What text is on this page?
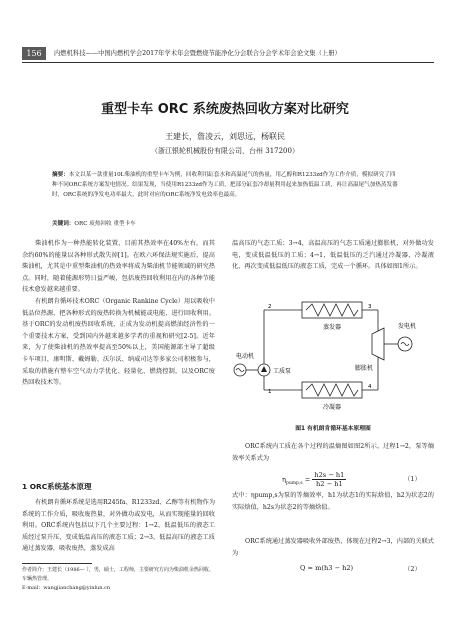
156	内燃机科技——中国内燃机学会2017年学术年会暨燃烧节能净化分会联合分会学术年会论文集（上册）
重型卡车 ORC 系统废热回收方案对比研究
王建长，詹凌云，刘思远，杨联民
（浙江银轮机械股份有限公司，台州 317200）
摘要：本文以某一款重量10L柴油机的重型卡车为例，回收利用缸套水和高温尾气的热量，用乙醇和R1233zd作为工作介质，模拟研究了四种不同ORC系统方案发电情况。结果发现，当使用R1233zd作为工质，把部分缸套冷却量利用起来加热低温工质，再让高温尾气加热蒸发器时，ORC系统的净发电功率最大，此时对应的ORC系统净发电效率也最高。
关键词：ORC 废热回收 重型卡车

柴油机作为一种热能转化装置，目前其热效率在40%左右，而其余约60%的能量以各种形式散失掉[1]。在欧六环保法规实施后，提高柴油机，尤其是中重型柴油机的热效率将成为柴油机节能领域的研究热点。同时，随着能源形势日益严峻，包括废热回收利用在内的各种节能技术愈发越来越重要。

有机朗肯循环技术ORC（Organic Rankine Cycle）用以吸收中低品位热源，把各种形式的废热转换为机械能或电能，进行回收利用。基于ORC的发动机废热回收系统，正成为发动机提高燃油经济性的一个重要技术方案，受到国内外越来越多学者的重视和研究[2-5]。近年来，为了使柴油机的热效率提高至50%以上，美国能源部主导了超级卡车项目，康明斯、戴姆勒、沃尔沃、纳威司达等多家公司积极参与，采取的措施有整车空气动力学优化、轻量化、燃烧控制，以及ORC废热回收技术等。

1 ORC系统基本原理

有机朗肯循环系统是选用R245fa、R1233zd、乙醇等有机物作为系统的工作介质，吸收废热量，对外做功或发电，从而实现能量的回收利用。ORC系统内包括以下几个主要过程：1→2，低温低压的液态工质经过泵升压，变成低温高压的液态工质；2→3，低温高压的液态工质通过蒸发器，吸收废热，蒸发成高

作者简介：王建长（1986— ），男，硕士，工程师，主要研究方向为柴油机余热回收、车辆热管理。
E-mail：wangjianchang@yinlun.cn

温高压的气态工质；3→4，高温高压的气态工质通过膨胀机，对外做功发电，变成低温低压的工质；4→1，低温低压的乏汽通过冷凝器，冷凝液化，再次变成低温低压的液态工质，完成一个循环。具体如图1所示。

蒸发器
冷凝器
膨胀机
发电机
电动机
工质泵
1
2	3
4
图1 有机朗肯循环基本原理图

ORC系统内工质在各个过程的温熵图如图2所示。过程1→2，泵等熵效率关系式为

$\eta_{pump,s} = \frac{h2s - h1}{h2 - h1}$	（1）

式中：ηpump,s为泵的等熵效率，h1为状态1的实际焓值，h2为状态2的实际焓值，h2s为状态2的等熵焓值。

ORC系统通过蒸发器吸收外部废热，体现在过程2→3，内部的关联式为

Q = m(h3 − h2)	（2）
